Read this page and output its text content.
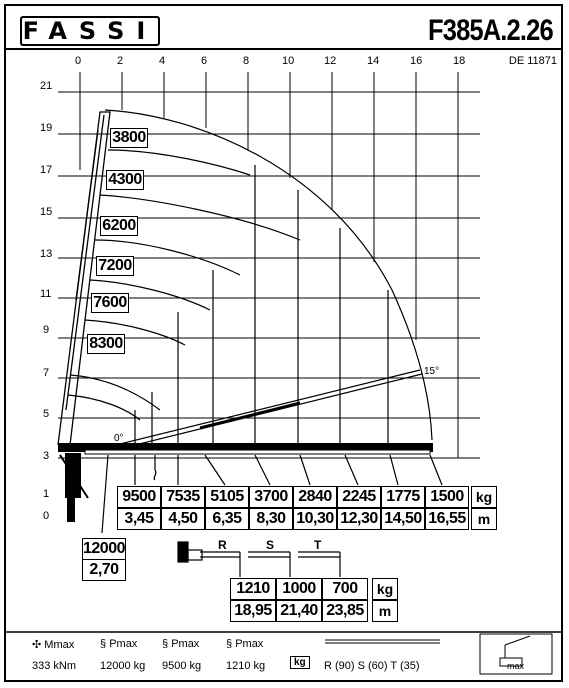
FASSI	F385A.2.26
DE 11871
0	2	4	6	8	10	12	14	16	18
21
19
17
15
13
11
9
7
5
3
1
0
0°
15°
3800
4300
6200
7200
7600
8300
12000
2,70
9500 7535 5105 3700 2840 2245 1775 1500 kg
3,45 4,50 6,35 8,30 10,30 12,30 14,50 16,55 m
R	S	T
1210 1000	700	kg
18,95 21,40 23,85	m
✣ Mmax
333 kNm
§ Pmax
12000 kg
§ Pmax
9500 kg
§ Pmax
1210 kg	kg	R (90) S (60) T (35)	max
